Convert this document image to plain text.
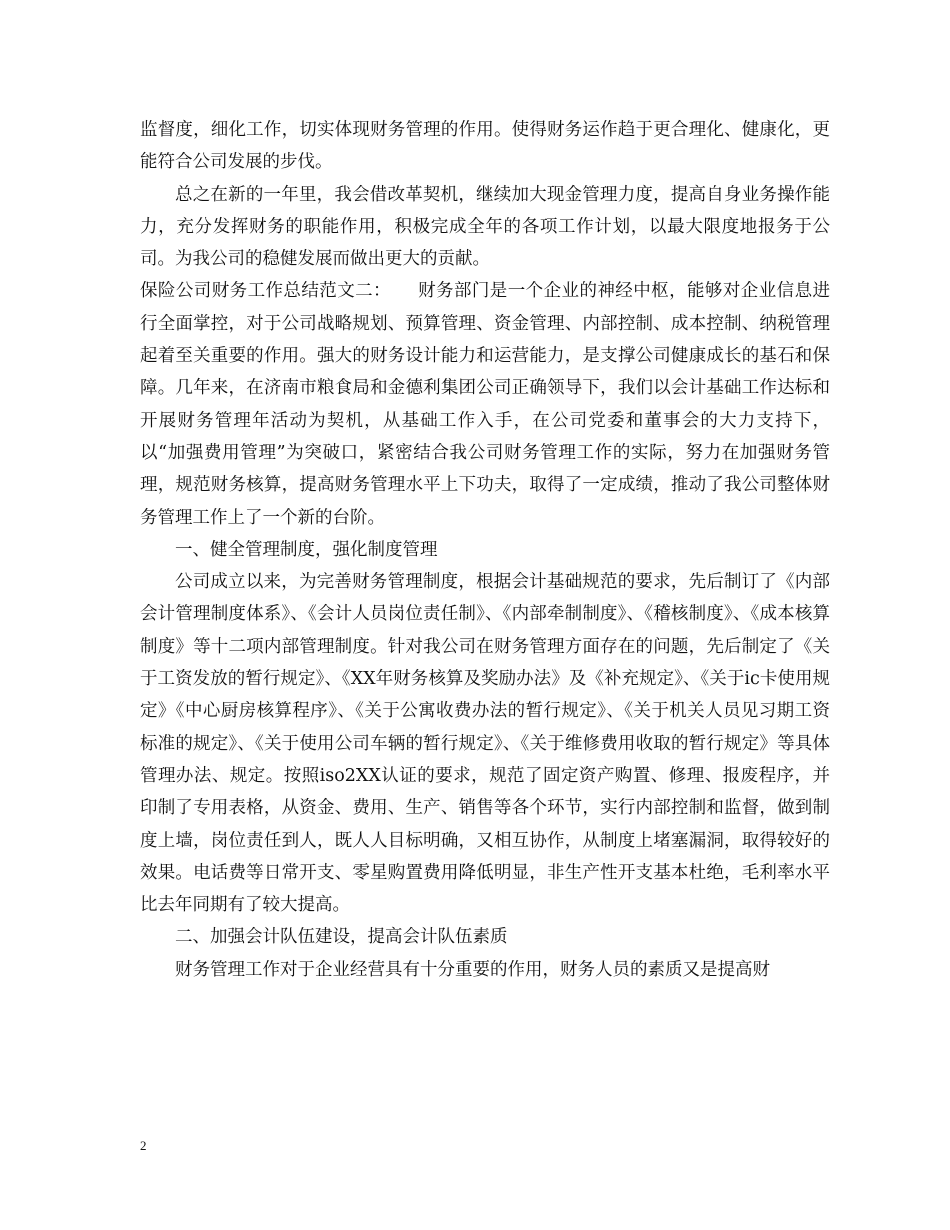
监督度，细化工作，切实体现财务管理的作用。使得财务运作趋于更合理化、健康化，更能符合公司发展的步伐。

总之在新的一年里，我会借改革契机，继续加大现金管理力度，提高自身业务操作能力，充分发挥财务的职能作用，积极完成全年的各项工作计划，以最大限度地报务于公司。为我公司的稳健发展而做出更大的贡献。

保险公司财务工作总结范文二：　　财务部门是一个企业的神经中枢，能够对企业信息进行全面掌控，对于公司战略规划、预算管理、资金管理、内部控制、成本控制、纳税管理起着至关重要的作用。强大的财务设计能力和运营能力，是支撑公司健康成长的基石和保障。几年来，在济南市粮食局和金德利集团公司正确领导下，我们以会计基础工作达标和开展财务管理年活动为契机，从基础工作入手，在公司党委和董事会的大力支持下，以“加强费用管理”为突破口，紧密结合我公司财务管理工作的实际，努力在加强财务管理，规范财务核算，提高财务管理水平上下功夫，取得了一定成绩，推动了我公司整体财务管理工作上了一个新的台阶。

一、健全管理制度，强化制度管理

公司成立以来，为完善财务管理制度，根据会计基础规范的要求，先后制订了《内部会计管理制度体系》、《会计人员岗位责任制》、《内部牵制制度》、《稽核制度》、《成本核算制度》等十二项内部管理制度。针对我公司在财务管理方面存在的问题，先后制定了《关于工资发放的暂行规定》、《XX年财务核算及奖励办法》及《补充规定》、《关于ic卡使用规定》《中心厨房核算程序》、《关于公寓收费办法的暂行规定》、《关于机关人员见习期工资标准的规定》、《关于使用公司车辆的暂行规定》、《关于维修费用收取的暂行规定》等具体管理办法、规定。按照iso2XX认证的要求，规范了固定资产购置、修理、报废程序，并印制了专用表格，从资金、费用、生产、销售等各个环节，实行内部控制和监督，做到制度上墙，岗位责任到人，既人人目标明确，又相互协作，从制度上堵塞漏洞，取得较好的效果。电话费等日常开支、零星购置费用降低明显，非生产性开支基本杜绝，毛利率水平比去年同期有了较大提高。

二、加强会计队伍建设，提高会计队伍素质

财务管理工作对于企业经营具有十分重要的作用，财务人员的素质又是提高财

2
